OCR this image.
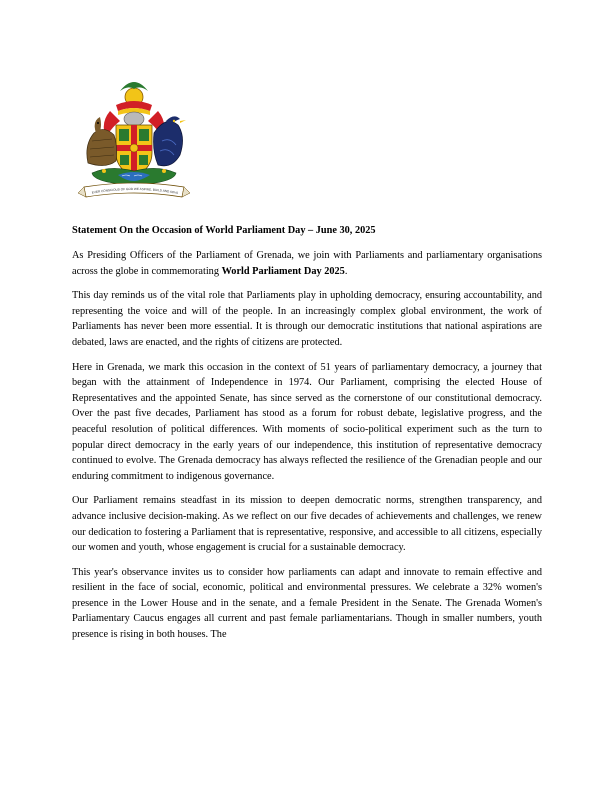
EVER CONSCIOUS OF GOD WE ASPIRE, BUILD AND ADVA
Statement On the Occasion of World Parliament Day – June 30, 2025

As Presiding Officers of the Parliament of Grenada, we join with Parliaments and parliamentary organisations across the globe in commemorating World Parliament Day 2025.

This day reminds us of the vital role that Parliaments play in upholding democracy, ensuring accountability, and representing the voice and will of the people. In an increasingly complex global environment, the work of Parliaments has never been more essential. It is through our democratic institutions that national aspirations are debated, laws are enacted, and the rights of citizens are protected.

Here in Grenada, we mark this occasion in the context of 51 years of parliamentary democracy, a journey that began with the attainment of Independence in 1974. Our Parliament, comprising the elected House of Representatives and the appointed Senate, has since served as the cornerstone of our constitutional democracy. Over the past five decades, Parliament has stood as a forum for robust debate, legislative progress, and the peaceful resolution of political differences. With moments of socio-political experiment such as the turn to popular direct democracy in the early years of our independence, this institution of representative democracy continued to evolve. The Grenada democracy has always reflected the resilience of the Grenadian people and our enduring commitment to indigenous governance.

Our Parliament remains steadfast in its mission to deepen democratic norms, strengthen transparency, and advance inclusive decision-making. As we reflect on our five decades of achievements and challenges, we renew our dedication to fostering a Parliament that is representative, responsive, and accessible to all citizens, especially our women and youth, whose engagement is crucial for a sustainable democracy.

This year's observance invites us to consider how parliaments can adapt and innovate to remain effective and resilient in the face of social, economic, political and environmental pressures. We celebrate a 32% women's presence in the Lower House and in the senate, and a female President in the Senate. The Grenada Women's Parliamentary Caucus engages all current and past female parliamentarians. Though in smaller numbers, youth presence is rising in both houses. The
